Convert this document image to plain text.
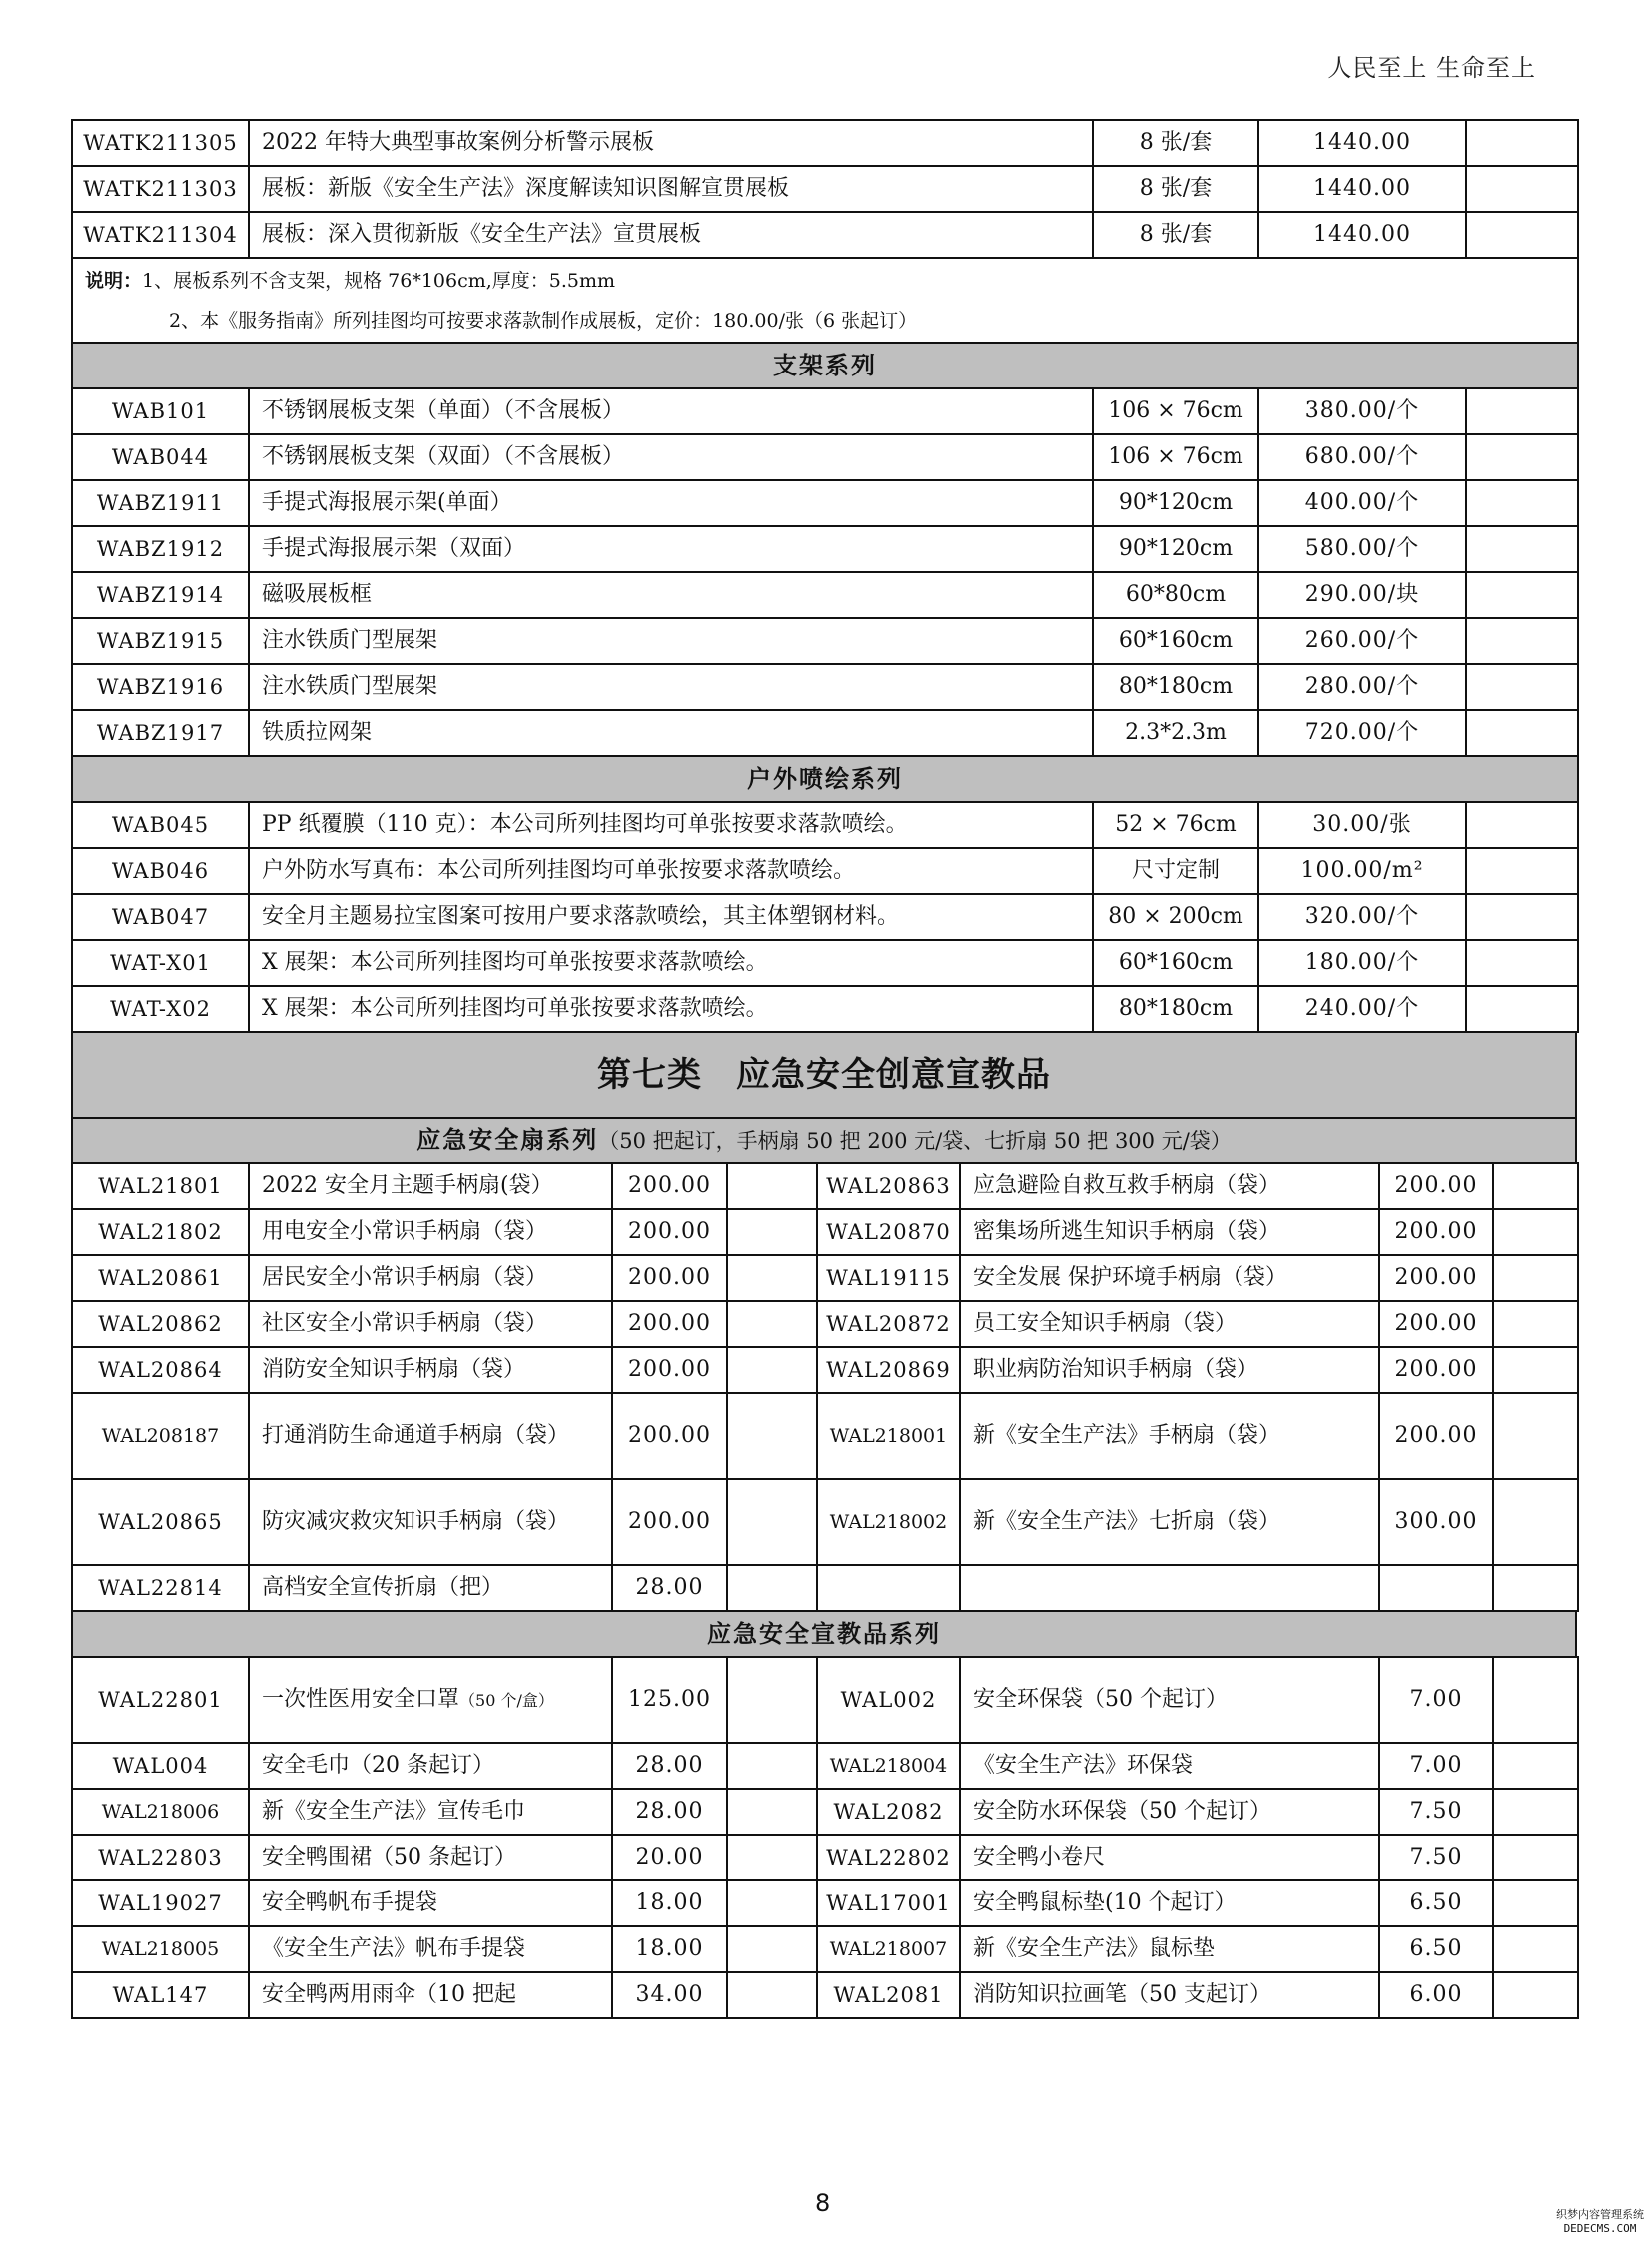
人民至上 生命至上
WATK211305	2022 年特大典型事故案例分析警示展板	8 张/套	1440.00	
WATK211303	展板：新版《安全生产法》深度解读知识图解宣贯展板	8 张/套	1440.00	
WATK211304	展板：深入贯彻新版《安全生产法》宣贯展板	8 张/套	1440.00	
说明：1、展板系列不含支架，规格 76*106cm,厚度：5.5mm
2、本《服务指南》所列挂图均可按要求落款制作成展板，定价：180.00/张（6 张起订）				

支架系列				
WAB101	不锈钢展板支架（单面）（不含展板）	106 × 76cm	380.00/个	
WAB044	不锈钢展板支架（双面）（不含展板）	106 × 76cm	680.00/个	
WABZ1911	手提式海报展示架(单面）	90*120cm	400.00/个	
WABZ1912	手提式海报展示架（双面）	90*120cm	580.00/个	
WABZ1914	磁吸展板框	60*80cm	290.00/块	
WABZ1915	注水铁质门型展架	60*160cm	260.00/个	
WABZ1916	注水铁质门型展架	80*180cm	280.00/个	
WABZ1917	铁质拉网架	2.3*2.3m	720.00/个	
户外喷绘系列				
WAB045	PP 纸覆膜（110 克）：本公司所列挂图均可单张按要求落款喷绘。	52 × 76cm	30.00/张	
WAB046	户外防水写真布：本公司所列挂图均可单张按要求落款喷绘。	尺寸定制	100.00/m²	
WAB047	安全月主题易拉宝图案可按用户要求落款喷绘，其主体塑钢材料。	80 × 200cm	320.00/个	
WAT-X01	X 展架：本公司所列挂图均可单张按要求落款喷绘。	60*160cm	180.00/个	
WAT-X02	X 展架：本公司所列挂图均可单张按要求落款喷绘。	80*180cm	240.00/个	
第七类 应急安全创意宣教品
应急安全扇系列（50 把起订，手柄扇 50 把 200 元/袋、七折扇 50 把 300 元/袋）
WAL21801	2022 安全月主题手柄扇(袋）	200.00		WAL20863	应急避险自救互救手柄扇（袋）	200.00	
WAL21802	用电安全小常识手柄扇（袋）	200.00		WAL20870	密集场所逃生知识手柄扇（袋）	200.00	
WAL20861	居民安全小常识手柄扇（袋）	200.00		WAL19115	安全发展 保护环境手柄扇（袋）	200.00	
WAL20862	社区安全小常识手柄扇（袋）	200.00		WAL20872	员工安全知识手柄扇（袋）	200.00	
WAL20864	消防安全知识手柄扇（袋）	200.00		WAL20869	职业病防治知识手柄扇（袋）	200.00	
WAL208187	打通消防生命通道手柄扇（袋）	200.00		WAL218001	新《安全生产法》手柄扇（袋）	200.00	
WAL20865	防灾减灾救灾知识手柄扇（袋）	200.00		WAL218002	新《安全生产法》七折扇（袋）	300.00	
WAL22814	高档安全宣传折扇（把）	28.00					
应急安全宣教品系列
WAL22801	一次性医用安全口罩（50 个/盒）	125.00		WAL002	安全环保袋（50 个起订）	7.00	
WAL004	安全毛巾（20 条起订）	28.00		WAL218004	《安全生产法》环保袋	7.00	
WAL218006	新《安全生产法》宣传毛巾	28.00		WAL2082	安全防水环保袋（50 个起订）	7.50	
WAL22803	安全鸭围裙（50 条起订）	20.00		WAL22802	安全鸭小卷尺	7.50	
WAL19027	安全鸭帆布手提袋	18.00		WAL17001	安全鸭鼠标垫(10 个起订）	6.50	
WAL218005	《安全生产法》帆布手提袋	18.00		WAL218007	新《安全生产法》鼠标垫	6.50	
WAL147	安全鸭两用雨伞（10 把起	34.00		WAL2081	消防知识拉画笔（50 支起订）	6.00	
8	织梦内容管理系统
DEDECMS.COM
